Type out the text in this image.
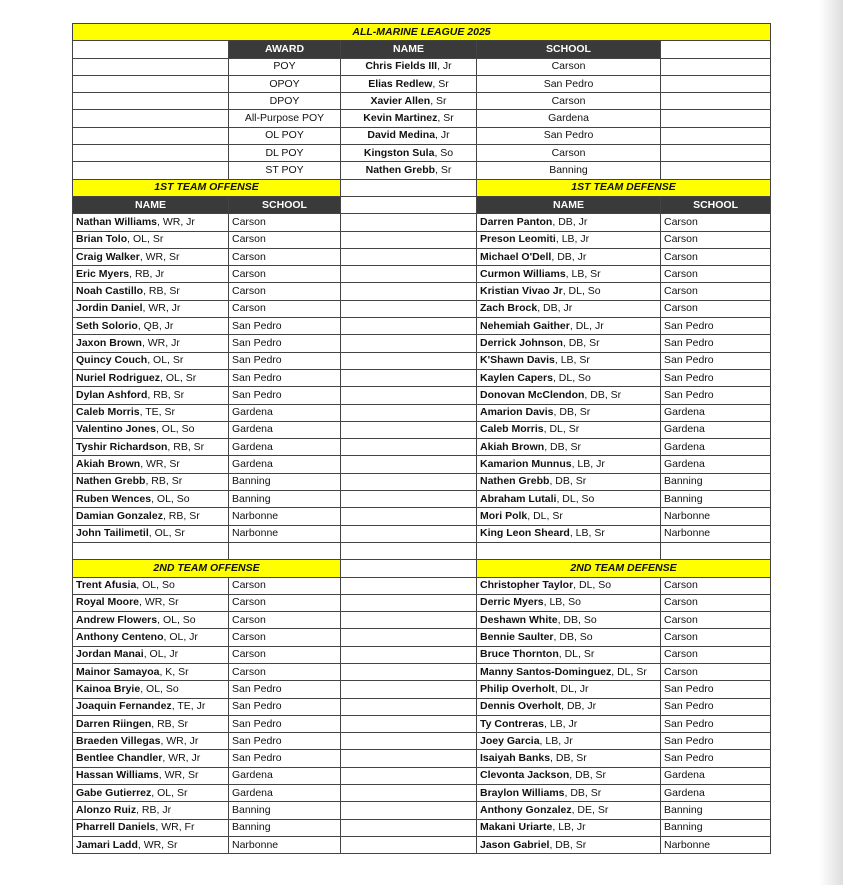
ALL-MARINE LEAGUE 2025				
	AWARD	NAME	SCHOOL	
	POY	Chris Fields III, Jr	Carson	
	OPOY	Elias Redlew, Sr	San Pedro	
	DPOY	Xavier Allen, Sr	Carson	
	All-Purpose POY	Kevin Martinez, Sr	Gardena	
	OL POY	David Medina, Jr	San Pedro	
	DL POY	Kingston Sula, So	Carson	
	ST POY	Nathen Grebb, Sr	Banning	
1ST TEAM OFFENSE			1ST TEAM DEFENSE	
NAME	SCHOOL		NAME	SCHOOL
Nathan Williams, WR, Jr	Carson		Darren Panton, DB, Jr	Carson
Brian Tolo, OL, Sr	Carson		Preson Leomiti, LB, Jr	Carson
Craig Walker, WR, Sr	Carson		Michael O'Dell, DB, Jr	Carson
Eric Myers, RB, Jr	Carson		Curmon Williams, LB, Sr	Carson
Noah Castillo, RB, Sr	Carson		Kristian Vivao Jr, DL, So	Carson
Jordin Daniel, WR, Jr	Carson		Zach Brock, DB, Jr	Carson
Seth Solorio, QB, Jr	San Pedro		Nehemiah Gaither, DL, Jr	San Pedro
Jaxon Brown, WR, Jr	San Pedro		Derrick Johnson, DB, Sr	San Pedro
Quincy Couch, OL, Sr	San Pedro		K'Shawn Davis, LB, Sr	San Pedro
Nuriel Rodriguez, OL, Sr	San Pedro		Kaylen Capers, DL, So	San Pedro
Dylan Ashford, RB, Sr	San Pedro		Donovan McClendon, DB, Sr	San Pedro
Caleb Morris, TE, Sr	Gardena		Amarion Davis, DB, Sr	Gardena
Valentino Jones, OL, So	Gardena		Caleb Morris, DL, Sr	Gardena
Tyshir Richardson, RB, Sr	Gardena		Akiah Brown, DB, Sr	Gardena
Akiah Brown, WR, Sr	Gardena		Kamarion Munnus, LB, Jr	Gardena
Nathen Grebb, RB, Sr	Banning		Nathen Grebb, DB, Sr	Banning
Ruben Wences, OL, So	Banning		Abraham Lutali, DL, So	Banning
Damian Gonzalez, RB, Sr	Narbonne		Mori Polk, DL, Sr	Narbonne
John Tailimetil, OL, Sr	Narbonne		King Leon Sheard, LB, Sr	Narbonne

2ND TEAM OFFENSE			2ND TEAM DEFENSE	
Trent Afusia, OL, So	Carson		Christopher Taylor, DL, So	Carson
Royal Moore, WR, Sr	Carson		Derric Myers, LB, So	Carson
Andrew Flowers, OL, So	Carson		Deshawn White, DB, So	Carson
Anthony Centeno, OL, Jr	Carson		Bennie Saulter, DB, So	Carson
Jordan Manai, OL, Jr	Carson		Bruce Thornton, DL, Sr	Carson
Mainor Samayoa, K, Sr	Carson		Manny Santos-Dominguez, DL, Sr	Carson
Kainoa Bryie, OL, So	San Pedro		Philip Overholt, DL, Jr	San Pedro
Joaquin Fernandez, TE, Jr	San Pedro		Dennis Overholt, DB, Jr	San Pedro
Darren Riingen, RB, Sr	San Pedro		Ty Contreras, LB, Jr	San Pedro
Braeden Villegas, WR, Jr	San Pedro		Joey Garcia, LB, Jr	San Pedro
Bentlee Chandler, WR, Jr	San Pedro		Isaiyah Banks, DB, Sr	San Pedro
Hassan Williams, WR, Sr	Gardena		Clevonta Jackson, DB, Sr	Gardena
Gabe Gutierrez, OL, Sr	Gardena		Braylon Williams, DB, Sr	Gardena
Alonzo Ruiz, RB, Jr	Banning		Anthony Gonzalez, DE, Sr	Banning
Pharrell Daniels, WR, Fr	Banning		Makani Uriarte, LB, Jr	Banning
Jamari Ladd, WR, Sr	Narbonne		Jason Gabriel, DB, Sr	Narbonne
